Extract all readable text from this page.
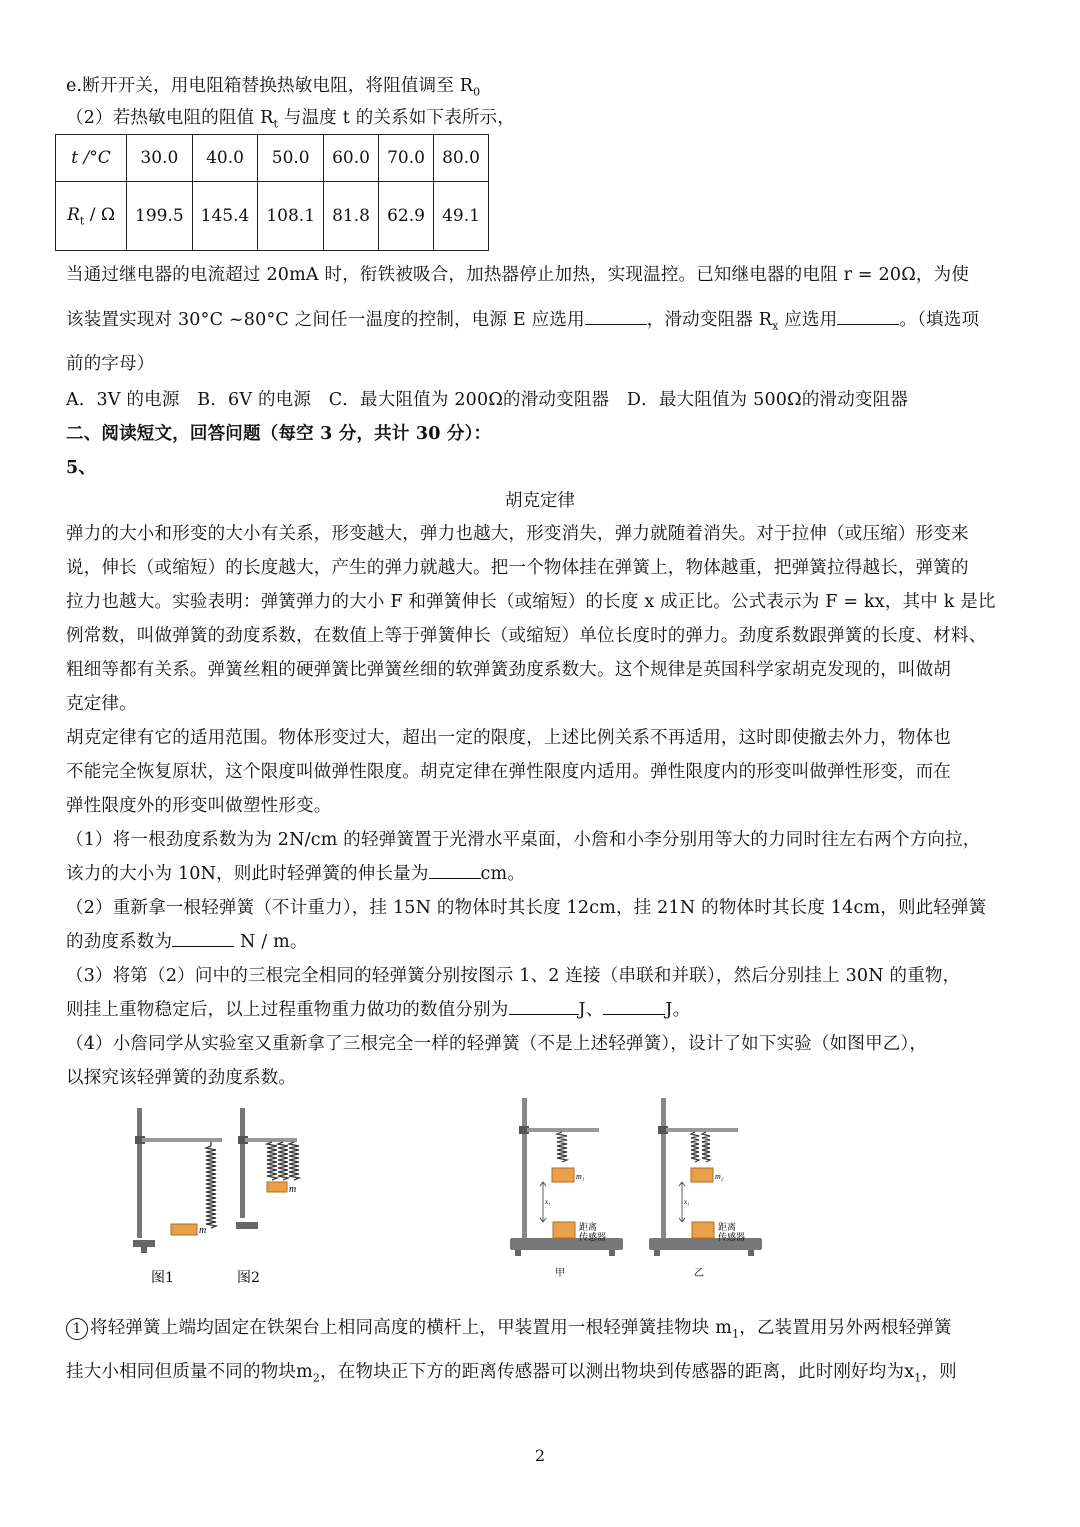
e.断开开关，用电阻箱替换热敏电阻，将阻值调至 $R_0$
（2）若热敏电阻的阻值 $R_t$ 与温度 t 的关系如下表所示，
t /°C	30.0	40.0	50.0	60.0	70.0	80.0
$R_t$ / Ω	199.5	145.4	108.1	81.8	62.9	49.1
当通过继电器的电流超过 20mA 时，衔铁被吸合，加热器停止加热，实现温控。已知继电器的电阻 r = 20Ω，为使
该装置实现对 30°C ~80°C 之间任一温度的控制，电源 E 应选用	，滑动变阻器 $R_x$ 应选用	。（填选项
前的字母）
A．3V 的电源　B．6V 的电源　C．最大阻值为 200Ω的滑动变阻器　D．最大阻值为 500Ω的滑动变阻器
二、阅读短文，回答问题（每空 3 分，共计 30 分）：
5、
胡克定律
弹力的大小和形变的大小有关系，形变越大，弹力也越大，形变消失，弹力就随着消失。对于拉伸（或压缩）形变来
说，伸长（或缩短）的长度越大，产生的弹力就越大。把一个物体挂在弹簧上，物体越重，把弹簧拉得越长，弹簧的
拉力也越大。实验表明：弹簧弹力的大小 F 和弹簧伸长（或缩短）的长度 x 成正比。公式表示为 F = kx，其中 k 是比
例常数，叫做弹簧的劲度系数，在数值上等于弹簧伸长（或缩短）单位长度时的弹力。劲度系数跟弹簧的长度、材料、
粗细等都有关系。弹簧丝粗的硬弹簧比弹簧丝细的软弹簧劲度系数大。这个规律是英国科学家胡克发现的，叫做胡
克定律。
胡克定律有它的适用范围。物体形变过大，超出一定的限度，上述比例关系不再适用，这时即使撤去外力，物体也
不能完全恢复原状，这个限度叫做弹性限度。胡克定律在弹性限度内适用。弹性限度内的形变叫做弹性形变，而在
弹性限度外的形变叫做塑性形变。
（1）将一根劲度系数为为 2N/cm 的轻弹簧置于光滑水平桌面，小詹和小李分别用等大的力同时往左右两个方向拉，
该力的大小为 10N，则此时轻弹簧的伸长量为	cm。
（2）重新拿一根轻弹簧（不计重力），挂 15N 的物体时其长度 12cm，挂 21N 的物体时其长度 14cm，则此轻弹簧
的劲度系数为	N / m。
（3）将第（2）问中的三根完全相同的轻弹簧分别按图示 1、2 连接（串联和并联），然后分别挂上 30N 的重物，
则挂上重物稳定后，以上过程重物重力做功的数值分别为	J、	J。
（4）小詹同学从实验室又重新拿了三根完全一样的轻弹簧（不是上述轻弹簧），设计了如下实验（如图甲乙），
以探究该轻弹簧的劲度系数。
m
图1
m
图2
m₁
x₁
距离
传感器
甲
m₂
x₁
距离
传感器
乙
1 将轻弹簧上端均固定在铁架台上相同高度的横杆上，甲装置用一根轻弹簧挂物块 $m_1$，乙装置用另外两根轻弹簧
挂大小相同但质量不同的物块$m_2$，在物块正下方的距离传感器可以测出物块到传感器的距离，此时刚好均为$x_1$，则
2
